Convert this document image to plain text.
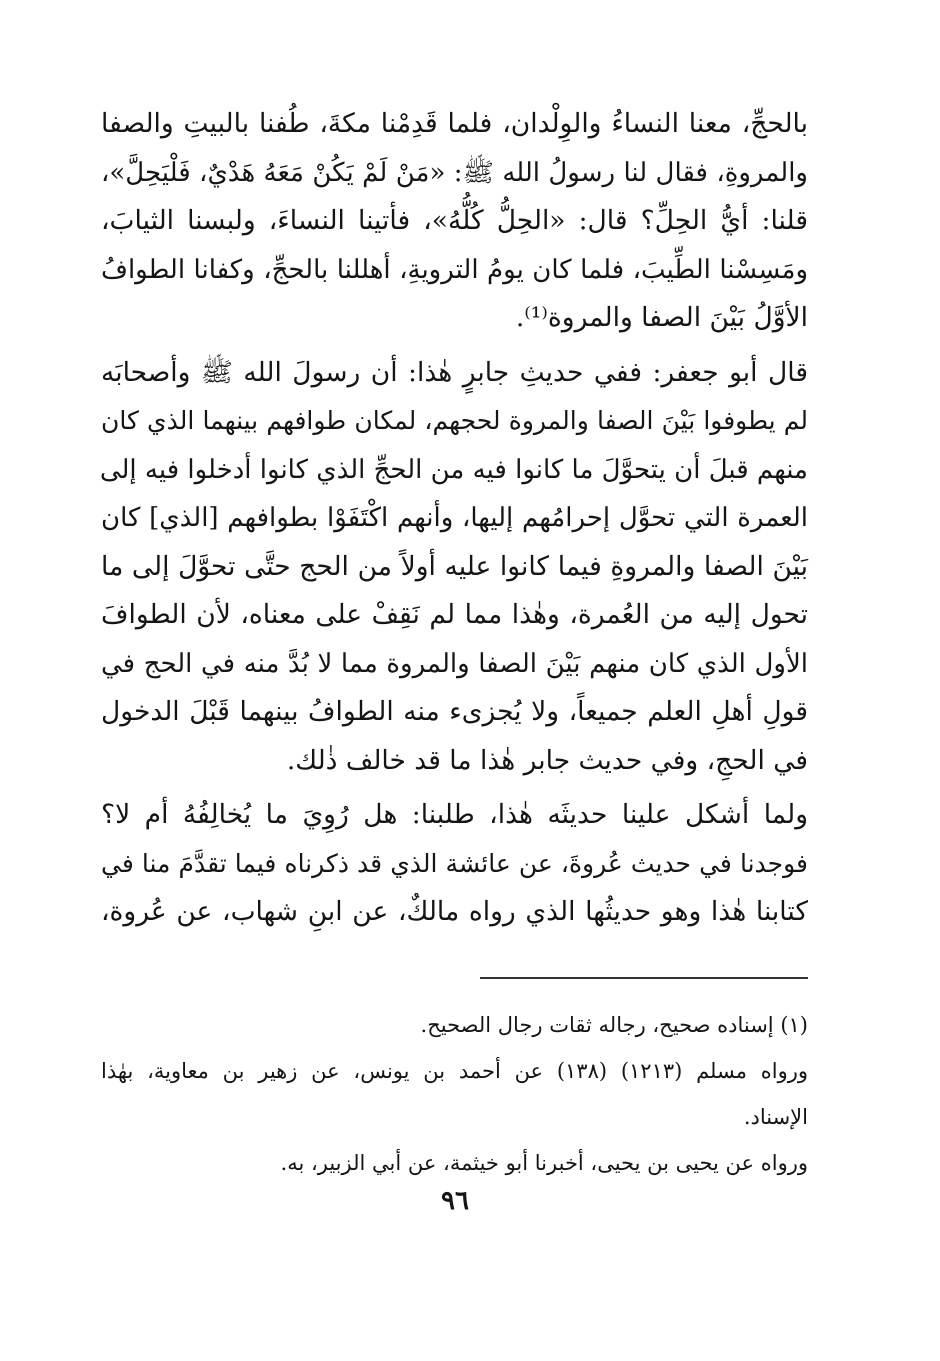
بالحجِّ، معنا النساءُ والوِلْدان، فلما قَدِمْنا مكةَ، طُفنا بالبيتِ والصفا
والمروةِ، فقال لنا رسولُ الله ﷺ: «مَنْ لَمْ يَكُنْ مَعَهُ هَدْيٌ، فَلْيَحِلَّ»،
قلنا: أيُّ الحِلِّ؟ قال: «الحِلُّ كُلُّهُ»، فأتينا النساءَ، ولبسنا الثيابَ،
ومَسِسْنا الطِّيبَ، فلما كان يومُ الترويةِ، أهللنا بالحجِّ، وكفانا الطوافُ
الأوَّلُ بَيْنَ الصفا والمروة⁽¹⁾.
قال أبو جعفر: ففي حديثِ جابرٍ هٰذا: أن رسولَ الله ﷺ وأصحابَه
لم يطوفوا بَيْنَ الصفا والمروة لحجهم، لمكان طوافهم بينهما الذي كان
منهم قبلَ أن يتحوَّلَ ما كانوا فيه من الحجِّ الذي كانوا أدخلوا فيه إلى
العمرة التي تحوَّل إحرامُهم إليها، وأنهم اكْتَفَوْا بطوافهم [الذي] كان
بَيْنَ الصفا والمروةِ فيما كانوا عليه أولاً من الحج حتَّى تحوَّلَ إلى ما
تحول إليه من العُمرة، وهٰذا مما لم نَقِفْ على معناه، لأن الطوافَ
الأول الذي كان منهم بَيْنَ الصفا والمروة مما لا بُدَّ منه في الحج في
قولِ أهلِ العلم جميعاً، ولا يُجزىء منه الطوافُ بينهما قَبْلَ الدخول
في الحجِ، وفي حديث جابر هٰذا ما قد خالف ذٰلك.
ولما أشكل علينا حديثَه هٰذا، طلبنا: هل رُوِيَ ما يُخالِفُهُ أم لا؟
فوجدنا في حديث عُروةَ، عن عائشة الذي قد ذكرناه فيما تقدَّمَ منا في
كتابنا هٰذا وهو حديثُها الذي رواه مالكٌ، عن ابنِ شهاب، عن عُروة،
(١) إسناده صحيح، رجاله ثقات رجال الصحيح.
ورواه مسلم (١٢١٣) (١٣٨) عن أحمد بن يونس، عن زهير بن معاوية، بهٰذا
الإسناد.
ورواه عن يحيى بن يحيى، أخبرنا أبو خيثمة، عن أبي الزبير، به.
٩٦
